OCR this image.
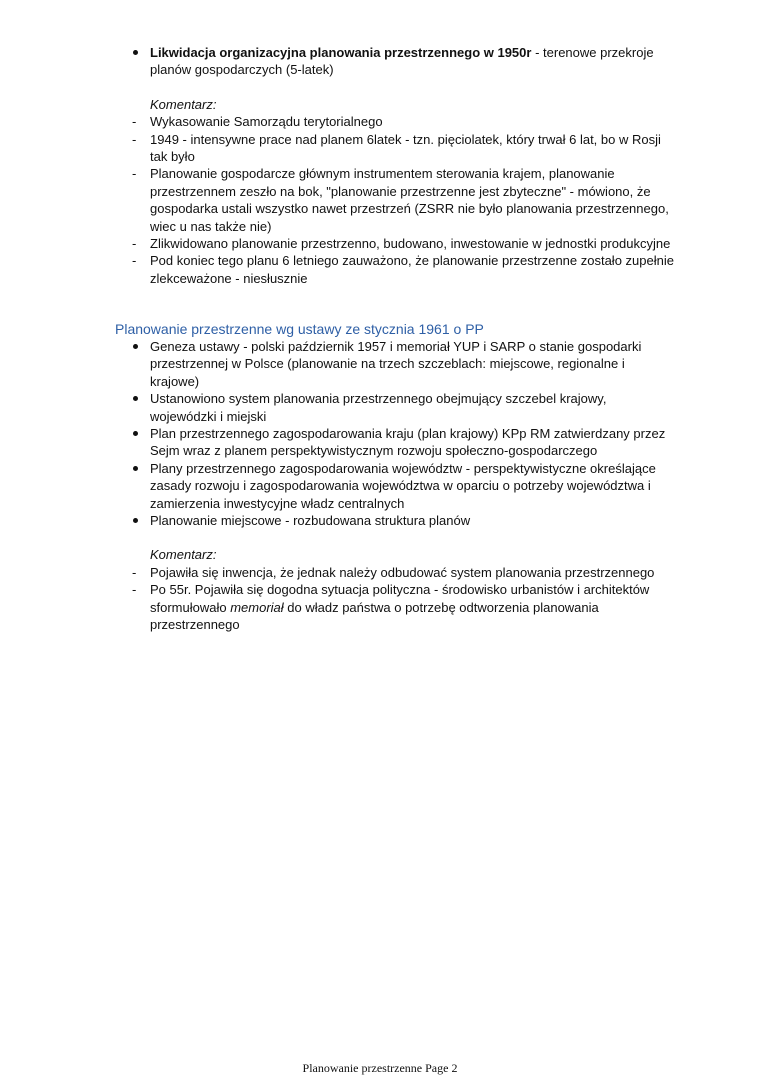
Likwidacja organizacyjna planowania przestrzennego w 1950r - terenowe przekroje planów gospodarczych (5-latek)
Komentarz:
- Wykasowanie Samorządu terytorialnego
- 1949 - intensywne prace nad planem 6latek - tzn. pięciolatek, który trwał 6 lat, bo w Rosji tak było
- Planowanie gospodarcze głównym instrumentem sterowania krajem, planowanie przestrzennem zeszło na bok, "planowanie przestrzenne jest zbyteczne" - mówiono, że gospodarka ustali wszystko nawet przestrzeń (ZSRR nie było planowania przestrzennego, wiec u nas także nie)
- Zlikwidowano planowanie przestrzenno, budowano, inwestowanie w jednostki produkcyjne
- Pod koniec tego planu 6 letniego zauważono, że planowanie przestrzenne zostało zupełnie zlekceważone - niesłusznie
Planowanie przestrzenne wg ustawy ze stycznia 1961 o PP
Geneza ustawy - polski październik 1957 i memoriał YUP i SARP o stanie gospodarki przestrzennej w Polsce (planowanie na trzech szczeblach: miejscowe, regionalne i krajowe)
Ustanowiono system planowania przestrzennego obejmujący szczebel krajowy, wojewódzki i miejski
Plan przestrzennego zagospodarowania kraju (plan krajowy) KPp RM zatwierdzany przez Sejm wraz z planem perspektywistycznym rozwoju społeczno-gospodarczego
Plany przestrzennego zagospodarowania województw - perspektywistyczne określające zasady rozwoju i zagospodarowania województwa w oparciu o potrzeby województwa i zamierzenia inwestycyjne władz centralnych
Planowanie miejscowe - rozbudowana struktura planów
Komentarz:
- Pojawiła się inwencja, że jednak należy odbudować system planowania przestrzennego
- Po 55r. Pojawiła się dogodna sytuacja polityczna - środowisko urbanistów i architektów sformułowało memoriał do władz państwa o potrzebę odtworzenia planowania przestrzennego
Planowanie przestrzenne Page 2
